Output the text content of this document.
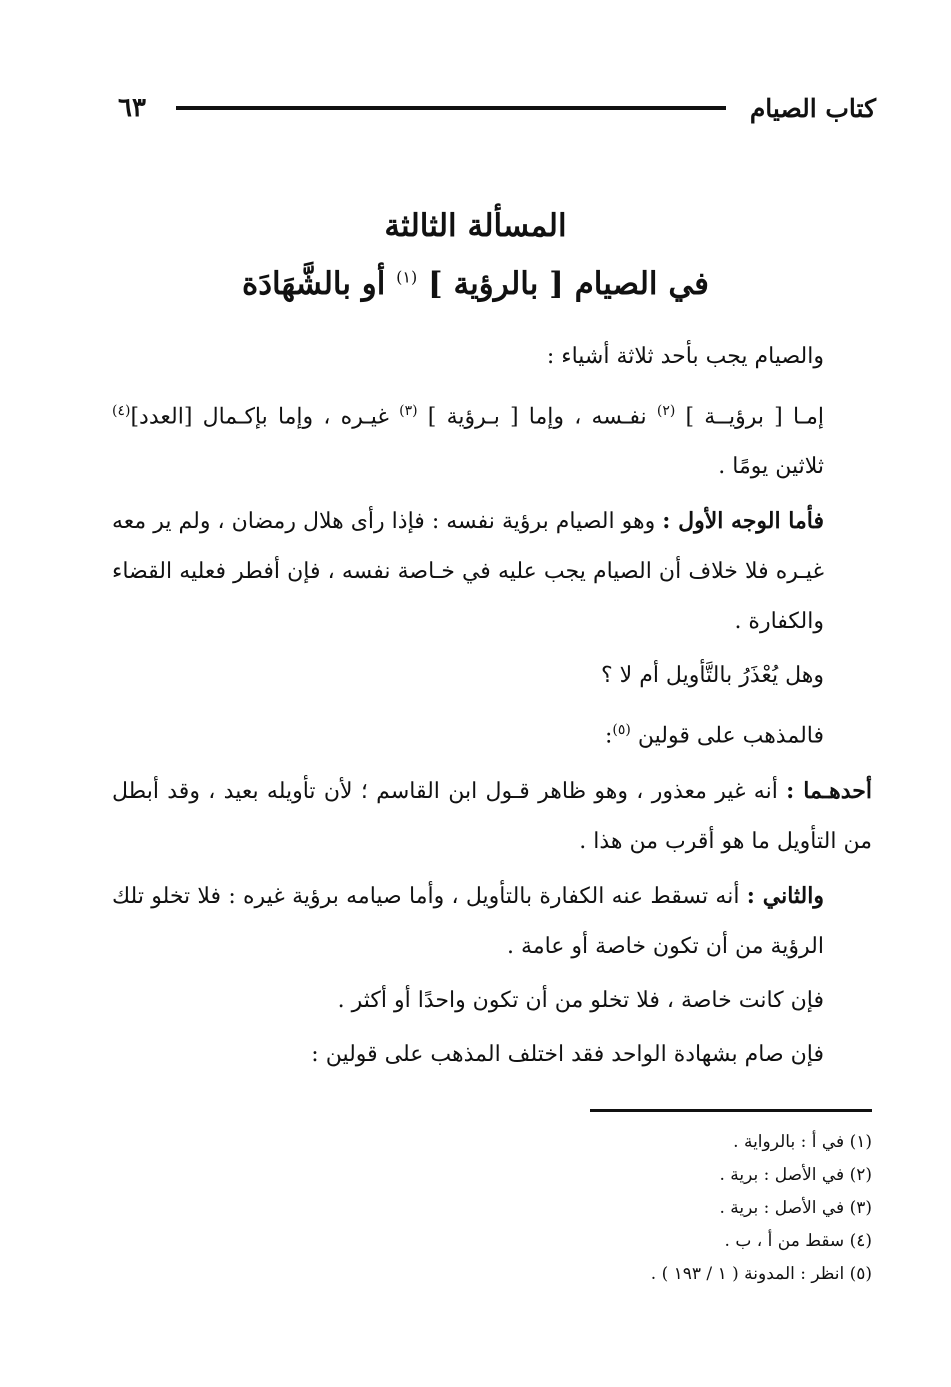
كتاب الصيام
٦٣
المسألة الثالثة
في الصيام [ بالرؤية ] $^{(١)}$ أو بالشَّهَادَة

والصيام يجب بأحد ثلاثة أشياء :

إمـا [ برؤيــة ] $^{(٢)}$ نفـسه ، وإما [ بـرؤية ] $^{(٣)}$ غيـره ، وإما بإكـمال [العدد]$^{(٤)}$ ثلاثين يومًا .

فأما الوجه الأول : وهو الصيام برؤية نفسه : فإذا رأى هلال رمضان ، ولم ير معه غيـره فلا خلاف أن الصيام يجب عليه في خـاصة نفسه ، فإن أفطر فعليه القضاء والكفارة .

وهل يُعْذَرُ بالتَّأويل أم لا ؟

فالمذهب على قولين $^{(٥)}$:

أحدهـما : أنه غير معذور ، وهو ظاهر قـول ابن القاسم ؛ لأن تأويله بعيد ، وقد أبطل من التأويل ما هو أقرب من هذا .

والثاني : أنه تسقط عنه الكفارة بالتأويل ، وأما صيامه برؤية غيره : فلا تخلو تلك الرؤية من أن تكون خاصة أو عامة .

فإن كانت خاصة ، فلا تخلو من أن تكون واحدًا أو أكثر .

فإن صام بشهادة الواحد فقد اختلف المذهب على قولين :

(١) في أ : بالرواية .
(٢) في الأصل : برية .
(٣) في الأصل : برية .
(٤) سقط من أ ، ب .
(٥) انظر : المدونة ( ١ / ١٩٣ ) .
